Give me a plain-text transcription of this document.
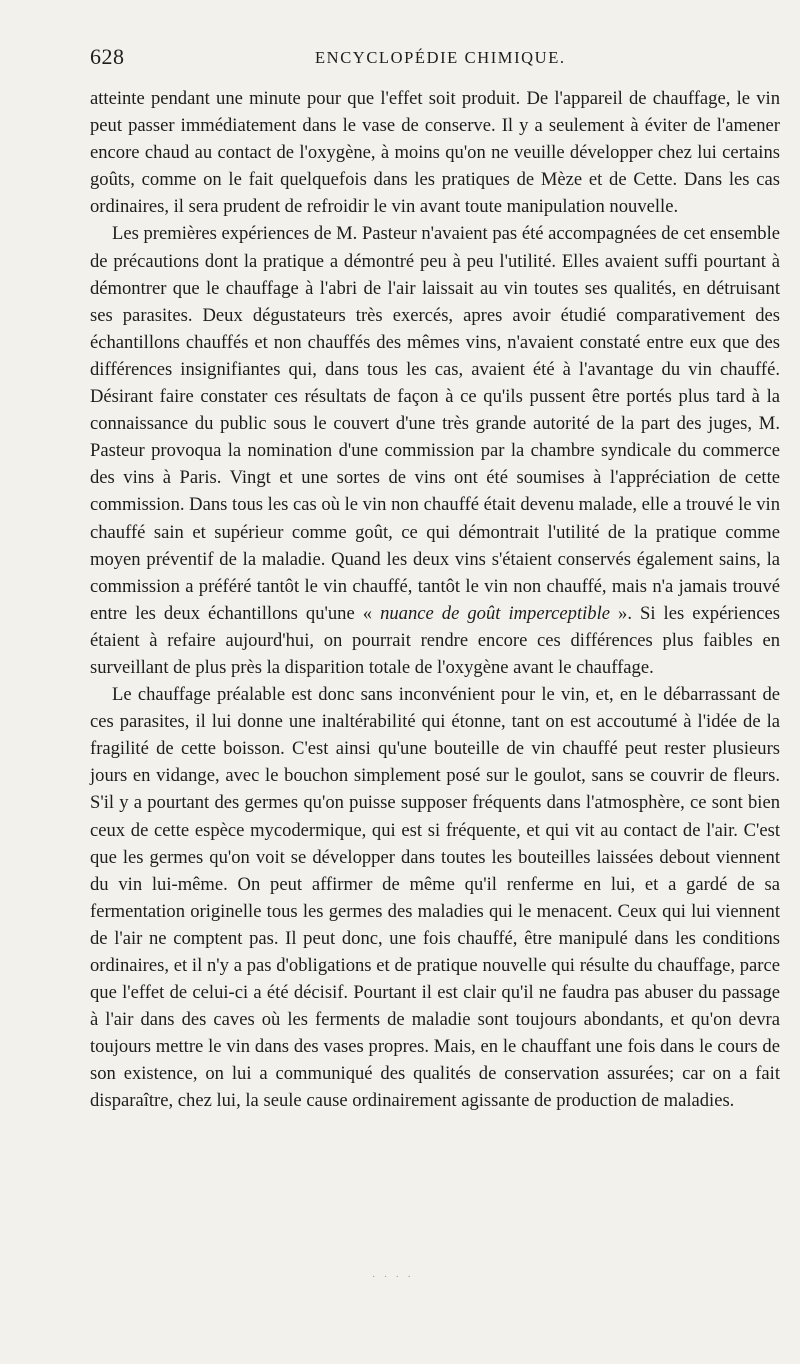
628	ENCYCLOPÉDIE CHIMIQUE.

atteinte pendant une minute pour que l'effet soit produit. De l'appareil de chauffage, le vin peut passer immédiatement dans le vase de conserve. Il y a seulement à éviter de l'amener encore chaud au contact de l'oxygène, à moins qu'on ne veuille développer chez lui certains goûts, comme on le fait quelquefois dans les pratiques de Mèze et de Cette. Dans les cas ordinaires, il sera prudent de refroidir le vin avant toute manipulation nouvelle.

Les premières expériences de M. Pasteur n'avaient pas été accompagnées de cet ensemble de précautions dont la pratique a démontré peu à peu l'utilité. Elles avaient suffi pourtant à démontrer que le chauffage à l'abri de l'air laissait au vin toutes ses qualités, en détruisant ses parasites. Deux dégustateurs très exercés, apres avoir étudié comparativement des échantillons chauffés et non chauffés des mêmes vins, n'avaient constaté entre eux que des différences insignifiantes qui, dans tous les cas, avaient été à l'avantage du vin chauffé. Désirant faire constater ces résultats de façon à ce qu'ils pussent être portés plus tard à la connaissance du public sous le couvert d'une très grande autorité de la part des juges, M. Pasteur provoqua la nomination d'une commission par la chambre syndicale du commerce des vins à Paris. Vingt et une sortes de vins ont été soumises à l'appréciation de cette commission. Dans tous les cas où le vin non chauffé était devenu malade, elle a trouvé le vin chauffé sain et supérieur comme goût, ce qui démontrait l'utilité de la pratique comme moyen préventif de la maladie. Quand les deux vins s'étaient conservés également sains, la commission a préféré tantôt le vin chauffé, tantôt le vin non chauffé, mais n'a jamais trouvé entre les deux échantillons qu'une « nuance de goût imperceptible ». Si les expériences étaient à refaire aujourd'hui, on pourrait rendre encore ces différences plus faibles en surveillant de plus près la disparition totale de l'oxygène avant le chauffage.

Le chauffage préalable est donc sans inconvénient pour le vin, et, en le débarrassant de ces parasites, il lui donne une inaltérabilité qui étonne, tant on est accoutumé à l'idée de la fragilité de cette boisson. C'est ainsi qu'une bouteille de vin chauffé peut rester plusieurs jours en vidange, avec le bouchon simplement posé sur le goulot, sans se couvrir de fleurs. S'il y a pourtant des germes qu'on puisse supposer fréquents dans l'atmosphère, ce sont bien ceux de cette espèce mycodermique, qui est si fréquente, et qui vit au contact de l'air. C'est que les germes qu'on voit se développer dans toutes les bouteilles laissées debout viennent du vin lui-même. On peut affirmer de même qu'il renferme en lui, et a gardé de sa fermentation originelle tous les germes des maladies qui le menacent. Ceux qui lui viennent de l'air ne comptent pas. Il peut donc, une fois chauffé, être manipulé dans les conditions ordinaires, et il n'y a pas d'obligations et de pratique nouvelle qui résulte du chauffage, parce que l'effet de celui-ci a été décisif. Pourtant il est clair qu'il ne faudra pas abuser du passage à l'air dans des caves où les ferments de maladie sont toujours abondants, et qu'on devra toujours mettre le vin dans des vases propres. Mais, en le chauffant une fois dans le cours de son existence, on lui a communiqué des qualités de conservation assurées; car on a fait disparaître, chez lui, la seule cause ordinairement agissante de production de maladies.

· · · ·
